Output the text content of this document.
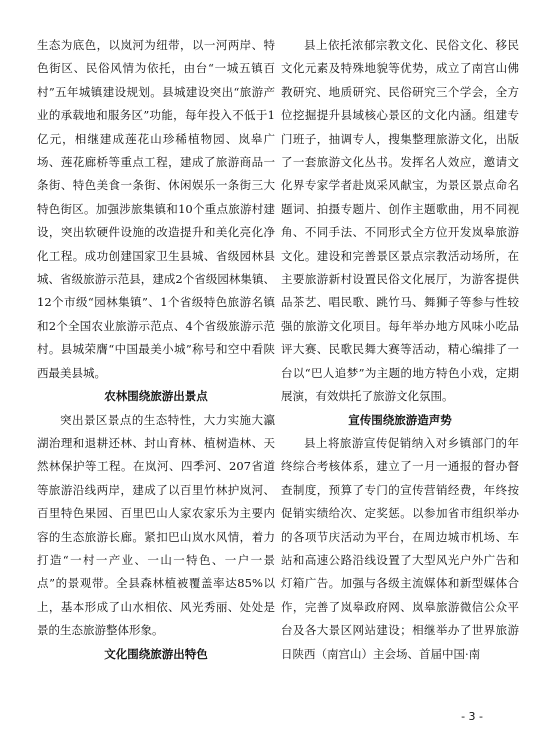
生态为底色，以岚河为纽带，以一河两岸、特色街区、民俗风情为依托，由台“一城五镇百村”五年城镇建设规划。县城建设突出“旅游产业的承载地和服务区”功能，每年投入不低于1亿元，相继建成莲花山珍稀植物园、岚皋广场、莲花廊桥等重点工程，建成了旅游商品一条街、特色美食一条街、休闲娱乐一条街三大特色街区。加强涉旅集镇和10个重点旅游村建设，突出软硬件设施的改造提升和美化亮化净化工程。成功创建国家卫生县城、省级园林县城、省级旅游示范县，建成2个省级园林集镇、12个市级“园林集镇”、1个省级特色旅游名镇和2个全国农业旅游示范点、4个省级旅游示范村。县城荣膺“中国最美小城”称号和空中看陕西最美县城。

农林围绕旅游出景点

突出景区景点的生态特性，大力实施大瀛湖治理和退耕还林、封山育林、植树造林、天然林保护等工程。在岚河、四季河、207省道等旅游沿线两岸，建成了以百里竹林护岚河、百里特色果园、百里巴山人家农家乐为主要内容的生态旅游长廊。紧扣巴山岚水风情，着力打造“一村一产业、一山一特色、一户一景点”的景观带。全县森林植被覆盖率达85%以上，基本形成了山水相依、风光秀丽、处处是景的生态旅游整体形象。

文化围绕旅游出特色

县上依托浓郁宗教文化、民俗文化、移民文化元素及特殊地貌等优势，成立了南宫山佛教研究、地质研究、民俗研究三个学会，全方位挖掘提升县域核心景区的文化内涵。组建专门班子，抽调专人，搜集整理旅游文化，出版了一套旅游文化丛书。发挥名人效应，邀请文化界专家学者赴岚采风献宝，为景区景点命名题词、拍摄专题片、创作主题歌曲，用不同视角、不同手法、不同形式全方位开发岚皋旅游文化。建设和完善景区景点宗教活动场所，在主要旅游新村设置民俗文化展厅，为游客提供品茶艺、唱民歌、跳竹马、舞狮子等参与性较强的旅游文化项目。每年举办地方风味小吃品评大赛、民歌民舞大赛等活动，精心编排了一台以“巴人追梦”为主题的地方特色小戏，定期展演，有效烘托了旅游文化氛围。

宣传围绕旅游造声势

县上将旅游宣传促销纳入对乡镇部门的年终综合考核体系，建立了一月一通报的督办督查制度，预算了专门的宣传营销经费，年终按促销实绩给次、定奖惩。以参加省市组织举办的各项节庆活动为平台，在周边城市机场、车站和高速公路沿线设置了大型风光户外广告和灯箱广告。加强与各级主流媒体和新型媒体合作，完善了岚皋政府网、岚皋旅游微信公众平台及各大景区网站建设；相继举办了世界旅游日陕西（南宫山）主会场、首届中国·南

- 3 -
